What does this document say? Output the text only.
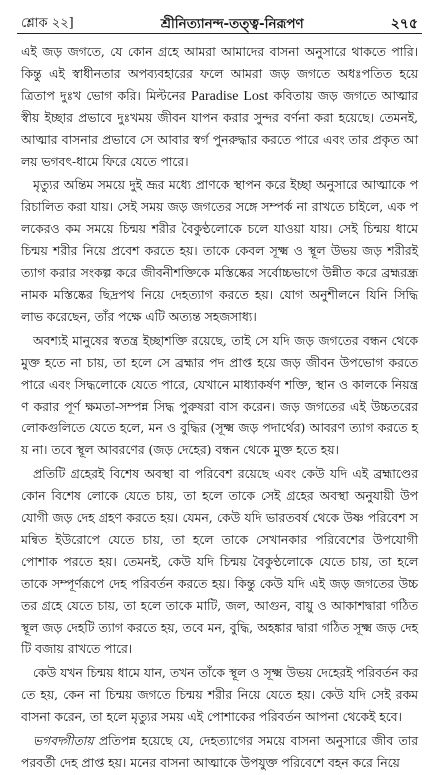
শ্লোক ২২]	শ্রীনিত্যানন্দ-তত্ত্ব-নিরূপণ	২৭৫

এই জড় জগতে, যে কোন গ্রহে আমরা আমাদের বাসনা অনুসারে থাকতে পারি। কিন্তু এই স্বাধীনতার অপব্যবহারের ফলে আমরা জড় জগতে অধঃপতিত হয়ে ত্রিতাপ দুঃখ ভোগ করি। মিল্টনের Paradise Lost কবিতায় জড় জগতে আত্মার স্বীয় ইচ্ছার প্রভাবে দুঃখময় জীবন যাপন করার সুন্দর বর্ণনা করা হয়েছে। তেমনই, আত্মার বাসনার প্রভাবে সে আবার স্বর্গ পুনরুদ্ধার করতে পারে এবং তার প্রকৃত আলয় ভগবৎ-ধামে ফিরে যেতে পারে।

মৃত্যুর অন্তিম সময়ে দুই ভ্রূর মধ্যে প্রাণকে স্থাপন করে ইচ্ছা অনুসারে আত্মাকে পরিচালিত করা যায়। সেই সময় জড় জগতের সঙ্গে সম্পর্ক না রাখতে চাইলে, এক পলকেরও কম সময়ে চিন্ময় শরীর বৈকুণ্ঠলোকে চলে যাওয়া যায়। সেই চিন্ময় ধামে চিন্ময় শরীর নিয়ে প্রবেশ করতে হয়। তাকে কেবল সূক্ষ্ম ও স্থূল উভয় জড় শরীরই ত্যাগ করার সংকল্প করে জীবনীশক্তিকে মস্তিষ্কের সর্বোচ্চভাগে উন্নীত করে ব্রহ্মরন্ধ্র নামক মস্তিষ্কের ছিদ্রপথ নিয়ে দেহত্যাগ করতে হয়। যোগ অনুশীলনে যিনি সিদ্ধি লাভ করেছেন, তাঁর পক্ষে এটি অত্যন্ত সহজসাধ্য।

অবশ্যই মানুষের স্বতন্ত্র ইচ্ছাশক্তি রয়েছে, তাই সে যদি জড় জগতের বন্ধন থেকে মুক্ত হতে না চায়, তা হলে সে ব্রহ্মার পদ প্রাপ্ত হয়ে জড় জীবন উপভোগ করতে পারে এবং সিদ্ধলোকে যেতে পারে, যেখানে মাধ্যাকর্ষণ শক্তি, স্থান ও কালকে নিয়ন্ত্রণ করার পূর্ণ ক্ষমতা-সম্পন্ন সিদ্ধ পুরুষরা বাস করেন। জড় জগতের এই উচ্চতরের লোকগুলিতে যেতে হলে, মন ও বুদ্ধির (সূক্ষ্ম জড় পদার্থের) আবরণ ত্যাগ করতে হয় না। তবে স্থূল আবরণের (জড় দেহের) বন্ধন থেকে মুক্ত হতে হয়।

প্রতিটি গ্রহেরই বিশেষ অবস্থা বা পরিবেশ রয়েছে এবং কেউ যদি এই ব্রহ্মাণ্ডের কোন বিশেষ লোকে যেতে চায়, তা হলে তাকে সেই গ্রহের অবস্থা অনুযায়ী উপযোগী জড় দেহ গ্রহণ করতে হয়। যেমন, কেউ যদি ভারতবর্ষ থেকে উষ্ণ পরিবেশ সমন্বিত ইউরোপে যেতে চায়, তা হলে তাকে সেখানকার পরিবেশের উপযোগী পোশাক পরতে হয়। তেমনই, কেউ যদি চিন্ময় বৈকুণ্ঠলোকে যেতে চায়, তা হলে তাকে সম্পূর্ণরূপে দেহ পরিবর্তন করতে হয়। কিন্তু কেউ যদি এই জড় জগতের উচ্চতর গ্রহে যেতে চায়, তা হলে তাকে মাটি, জল, আগুন, বায়ু ও আকাশদ্বারা গঠিত স্থূল জড় দেহটি ত্যাগ করতে হয়, তবে মন, বুদ্ধি, অহঙ্কার দ্বারা গঠিত সূক্ষ্ম জড় দেহটি বজায় রাখতে পারে।

কেউ যখন চিন্ময় ধামে যান, তখন তাঁকে স্থূল ও সূক্ষ্ম উভয় দেহেরই পরিবর্তন করতে হয়, কেন না চিন্ময় জগতে চিন্ময় শরীর নিয়ে যেতে হয়। কেউ যদি সেই রকম বাসনা করেন, তা হলে মৃত্যুর সময় এই পোশাকের পরিবর্তন আপনা থেকেই হবে।

ভগবদ্গীতায় প্রতিপন্ন হয়েছে যে, দেহত্যাগের সময়ে বাসনা অনুসারে জীব তার পরবর্তী দেহ প্রাপ্ত হয়। মনের বাসনা আত্মাকে উপযুক্ত পরিবেশে বহন করে নিয়ে
